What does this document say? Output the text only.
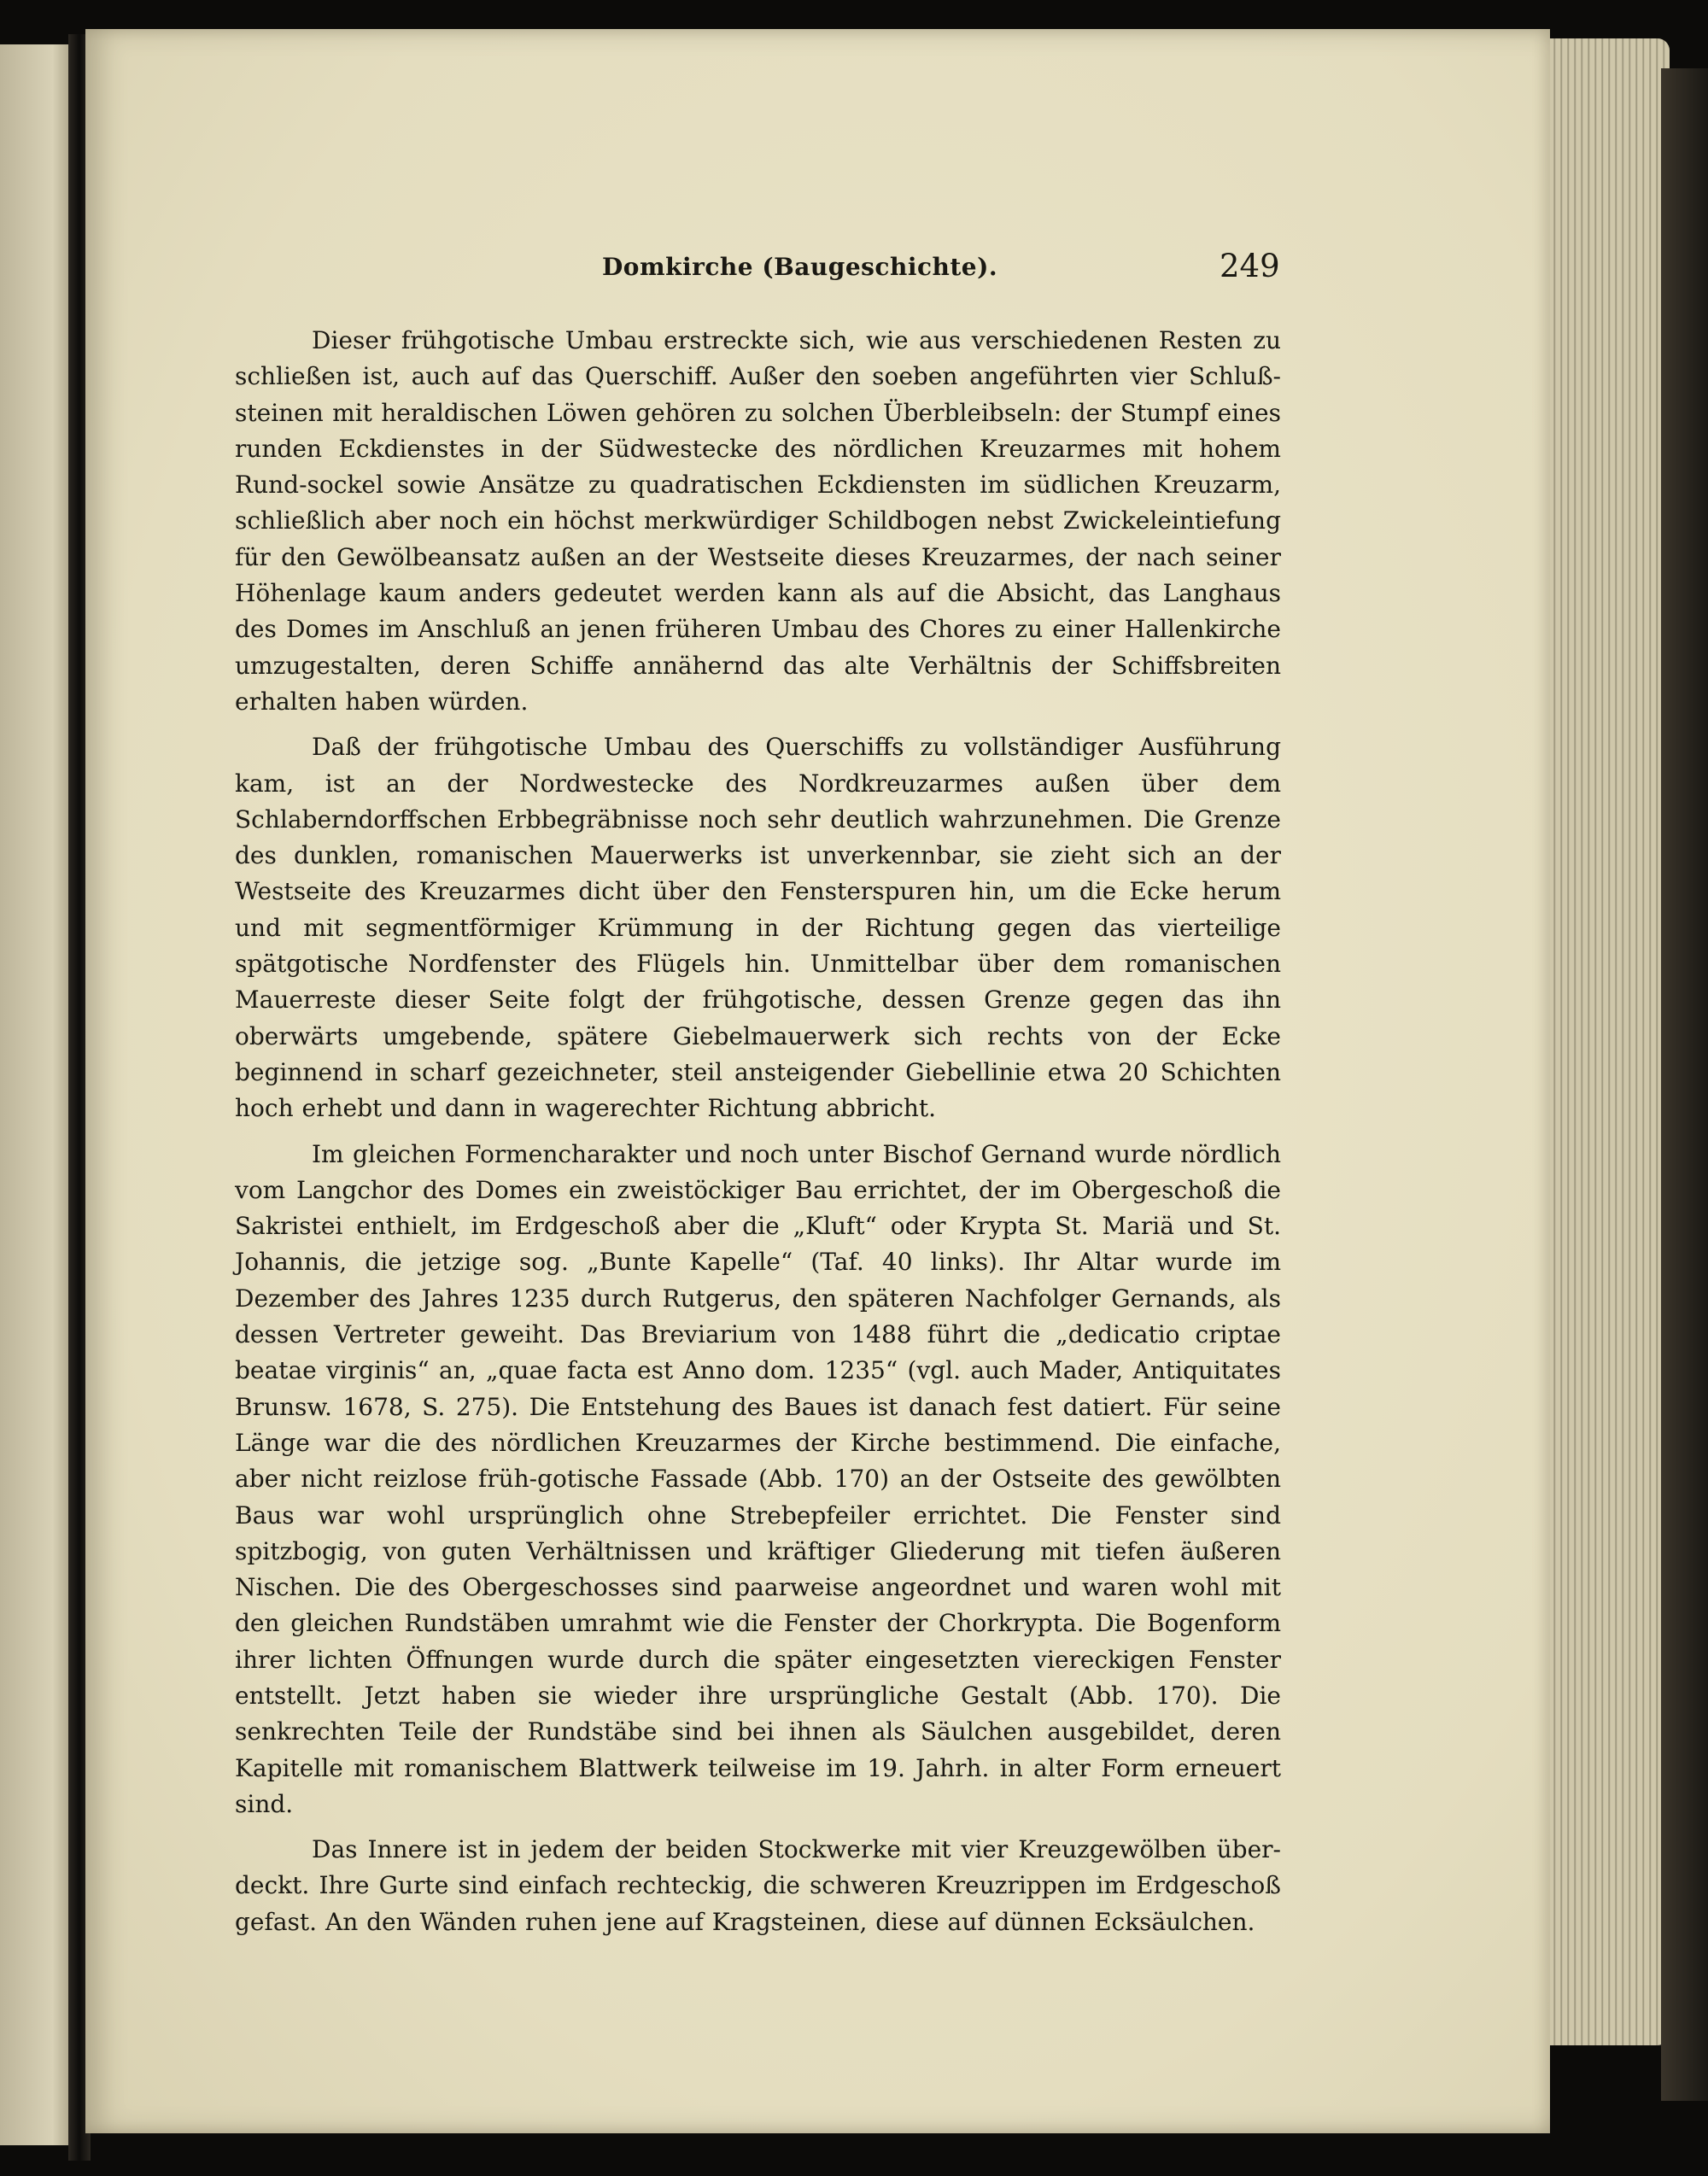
Domkirche (Baugeschichte).	249

Dieser frühgotische Umbau erstreckte sich, wie aus verschiedenen Resten zu schließen ist, auch auf das Querschiff. Außer den soeben angeführten vier Schluß-steinen mit heraldischen Löwen gehören zu solchen Überbleibseln: der Stumpf eines runden Eckdienstes in der Südwestecke des nördlichen Kreuzarmes mit hohem Rund-sockel sowie Ansätze zu quadratischen Eckdiensten im südlichen Kreuzarm, schließlich aber noch ein höchst merkwürdiger Schildbogen nebst Zwickeleintiefung für den Gewölbeansatz außen an der Westseite dieses Kreuzarmes, der nach seiner Höhenlage kaum anders gedeutet werden kann als auf die Absicht, das Langhaus des Domes im Anschluß an jenen früheren Umbau des Chores zu einer Hallenkirche umzugestalten, deren Schiffe annähernd das alte Verhältnis der Schiffsbreiten erhalten haben würden.

Daß der frühgotische Umbau des Querschiffs zu vollständiger Ausführung kam, ist an der Nordwestecke des Nordkreuzarmes außen über dem Schlaberndorffschen Erbbegräbnisse noch sehr deutlich wahrzunehmen. Die Grenze des dunklen, romanischen Mauerwerks ist unverkennbar, sie zieht sich an der Westseite des Kreuzarmes dicht über den Fensterspuren hin, um die Ecke herum und mit segmentförmiger Krümmung in der Richtung gegen das vierteilige spätgotische Nordfenster des Flügels hin. Unmittelbar über dem romanischen Mauerreste dieser Seite folgt der frühgotische, dessen Grenze gegen das ihn oberwärts umgebende, spätere Giebelmauerwerk sich rechts von der Ecke beginnend in scharf gezeichneter, steil ansteigender Giebellinie etwa 20 Schichten hoch erhebt und dann in wagerechter Richtung abbricht.

Im gleichen Formencharakter und noch unter Bischof Gernand wurde nördlich vom Langchor des Domes ein zweistöckiger Bau errichtet, der im Obergeschoß die Sakristei enthielt, im Erdgeschoß aber die „Kluft“ oder Krypta St. Mariä und St. Johannis, die jetzige sog. „Bunte Kapelle“ (Taf. 40 links). Ihr Altar wurde im Dezember des Jahres 1235 durch Rutgerus, den späteren Nachfolger Gernands, als dessen Vertreter geweiht. Das Breviarium von 1488 führt die „dedicatio criptae beatae virginis“ an, „quae facta est Anno dom. 1235“ (vgl. auch Mader, Antiquitates Brunsw. 1678, S. 275). Die Entstehung des Baues ist danach fest datiert. Für seine Länge war die des nördlichen Kreuzarmes der Kirche bestimmend. Die einfache, aber nicht reizlose früh-gotische Fassade (Abb. 170) an der Ostseite des gewölbten Baus war wohl ursprünglich ohne Strebepfeiler errichtet. Die Fenster sind spitzbogig, von guten Verhältnissen und kräftiger Gliederung mit tiefen äußeren Nischen. Die des Obergeschosses sind paarweise angeordnet und waren wohl mit den gleichen Rundstäben umrahmt wie die Fenster der Chorkrypta. Die Bogenform ihrer lichten Öffnungen wurde durch die später eingesetzten viereckigen Fenster entstellt. Jetzt haben sie wieder ihre ursprüngliche Gestalt (Abb. 170). Die senkrechten Teile der Rundstäbe sind bei ihnen als Säulchen ausgebildet, deren Kapitelle mit romanischem Blattwerk teilweise im 19. Jahrh. in alter Form erneuert sind.

Das Innere ist in jedem der beiden Stockwerke mit vier Kreuzgewölben über-deckt. Ihre Gurte sind einfach rechteckig, die schweren Kreuzrippen im Erdgeschoß gefast. An den Wänden ruhen jene auf Kragsteinen, diese auf dünnen Ecksäulchen.
